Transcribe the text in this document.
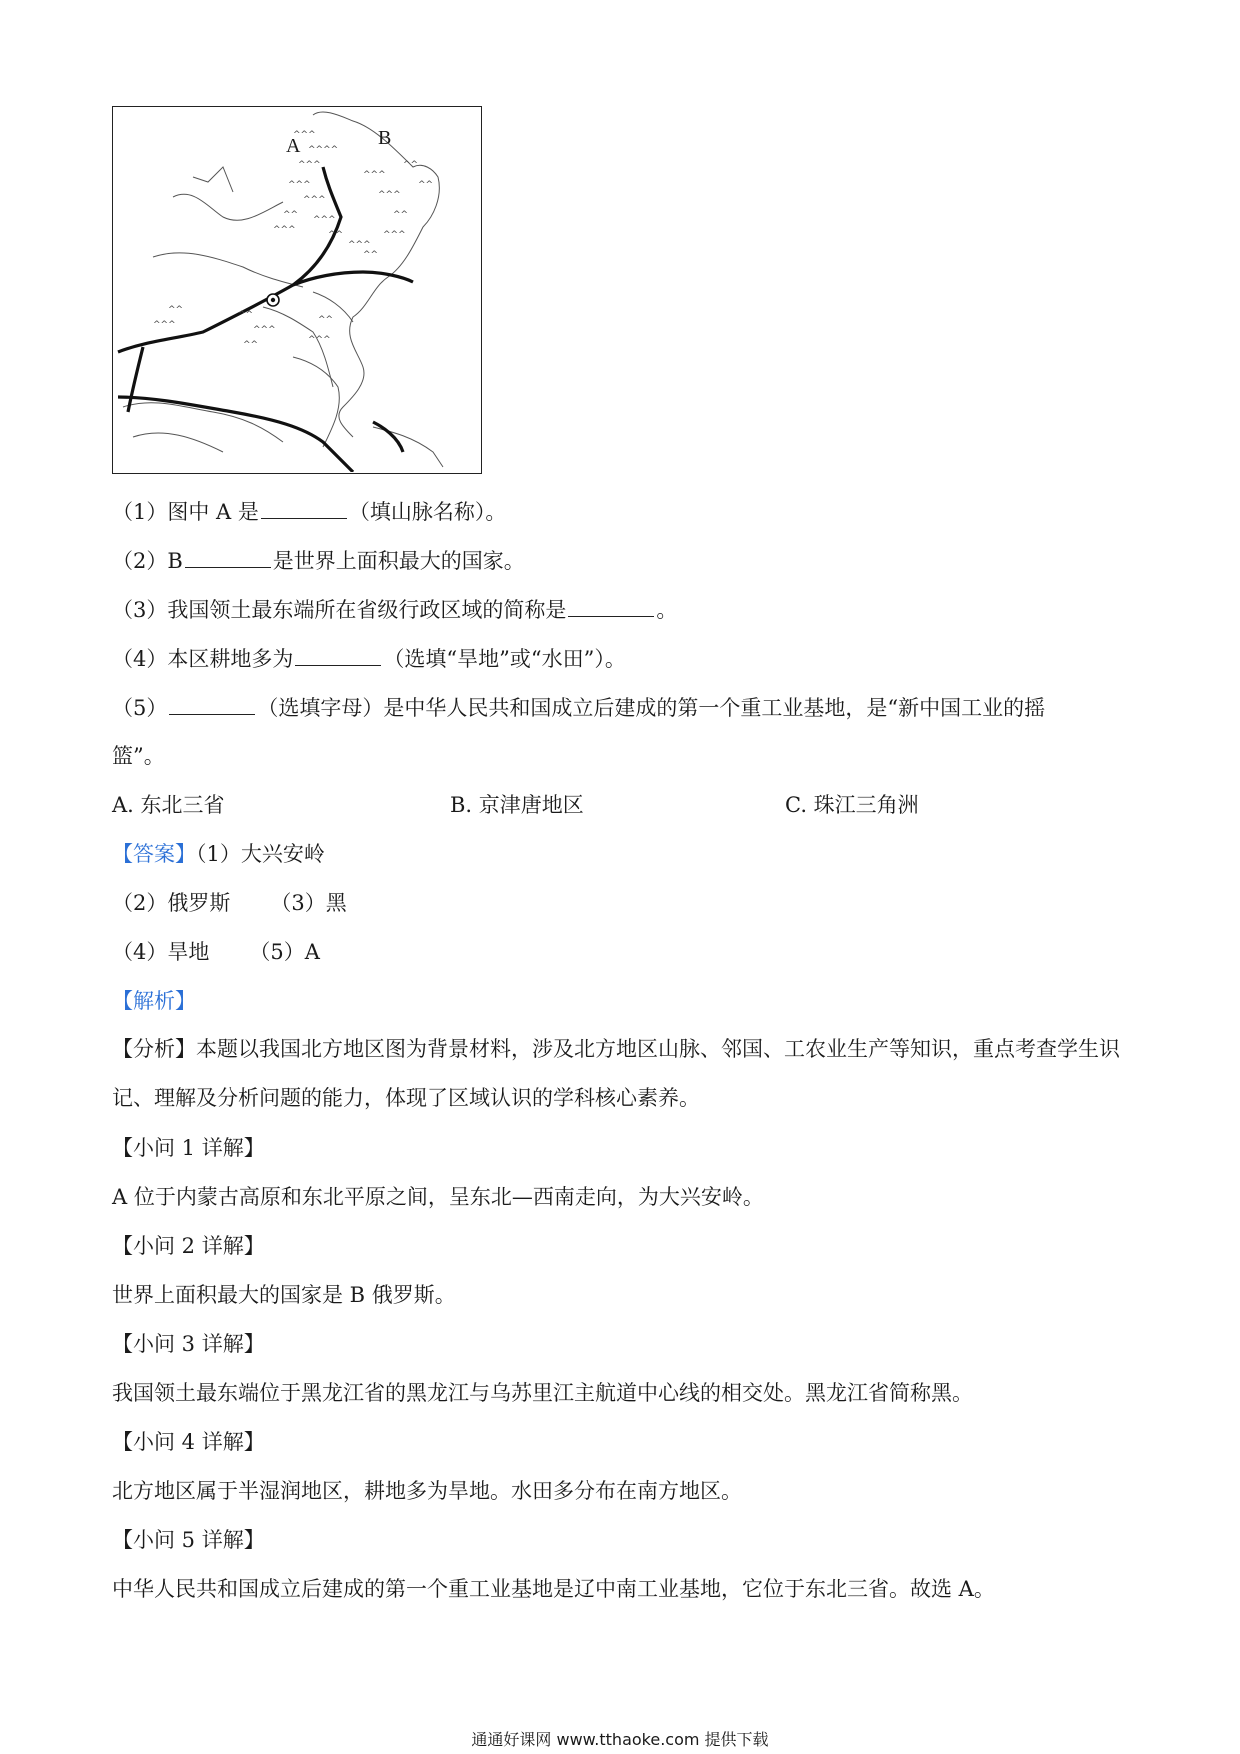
^^^
^^^^
^^^
^^^
^^^
^^
^^^
^^^
^^
^^^
^^^
^^
^^^
^^
^^^
^^
^^^
^^
^^^
^^
^^
^^^
^^
^^
A	B
（1）图中 A 是	（填山脉名称）。
（2）B	是世界上面积最大的国家。
（3）我国领土最东端所在省级行政区域的简称是	。
（4）本区耕地多为	（选填“旱地”或“水田”）。
（5）	（选填字母）是中华人民共和国成立后建成的第一个重工业基地，是“新中国工业的摇
篮”。
A. 东北三省	B. 京津唐地区	C. 珠江三角洲
【答案】（1）大兴安岭
（2）俄罗斯 （3）黑
（4）旱地 （5）A
【解析】
【分析】本题以我国北方地区图为背景材料，涉及北方地区山脉、邻国、工农业生产等知识，重点考查学生识记、理解及分析问题的能力，体现了区域认识的学科核心素养。
【小问 1 详解】
A 位于内蒙古高原和东北平原之间，呈东北—西南走向，为大兴安岭。
【小问 2 详解】
世界上面积最大的国家是 B 俄罗斯。
【小问 3 详解】
我国领土最东端位于黑龙江省的黑龙江与乌苏里江主航道中心线的相交处。黑龙江省简称黑。
【小问 4 详解】
北方地区属于半湿润地区，耕地多为旱地。水田多分布在南方地区。
【小问 5 详解】
中华人民共和国成立后建成的第一个重工业基地是辽中南工业基地，它位于东北三省。故选 A。
通通好课网 www.tthaoke.com 提供下载
